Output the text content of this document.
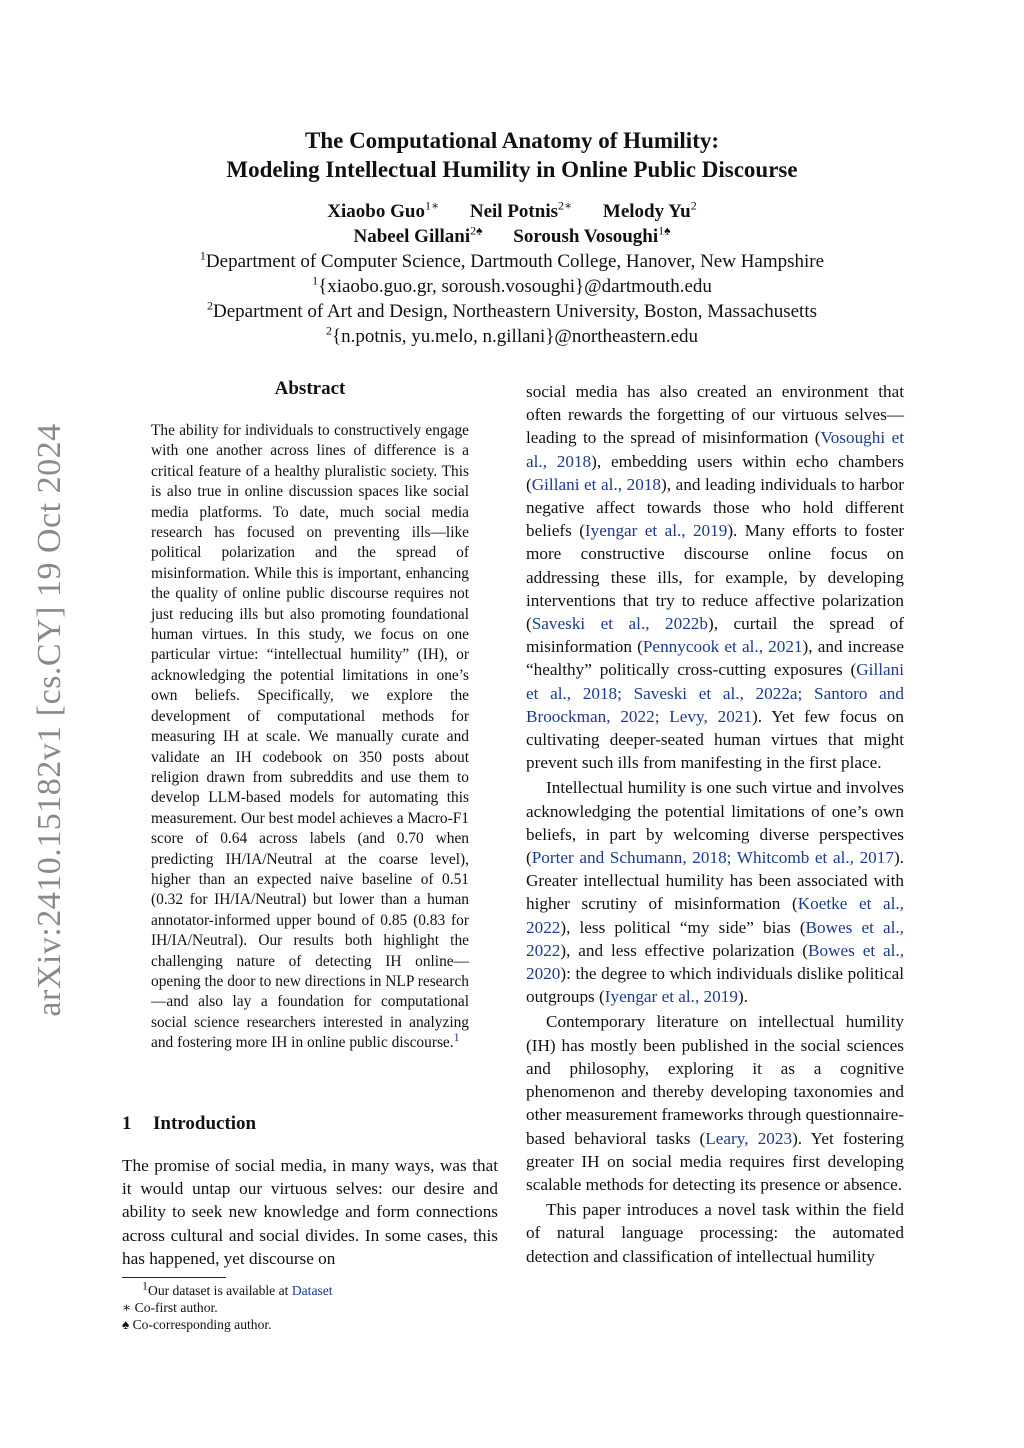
arXiv:2410.15182v1 [cs.CY] 19 Oct 2024
The Computational Anatomy of Humility:
Modeling Intellectual Humility in Online Public Discourse
Xiaobo Guo$^{1∗}$ Neil Potnis$^{2∗}$ Melody Yu$^2$
Nabeel Gillani$^{2♠}$ Soroush Vosoughi$^{1♠}$
$^1$Department of Computer Science, Dartmouth College, Hanover, New Hampshire
$^1${xiaobo.guo.gr, soroush.vosoughi}@dartmouth.edu
$^2$Department of Art and Design, Northeastern University, Boston, Massachusetts
$^2${n.potnis, yu.melo, n.gillani}@northeastern.edu
Abstract
The ability for individuals to constructively engage with one another across lines of difference is a critical feature of a healthy pluralistic society. This is also true in online discussion spaces like social media platforms. To date, much social media research has focused on preventing ills—like political polarization and the spread of misinformation. While this is important, enhancing the quality of online public discourse requires not just reducing ills but also promoting foundational human virtues. In this study, we focus on one particular virtue: “intellectual humility” (IH), or acknowledging the potential limitations in one’s own beliefs. Specifically, we explore the development of computational methods for measuring IH at scale. We manually curate and validate an IH codebook on 350 posts about religion drawn from subreddits and use them to develop LLM-based models for automating this measurement. Our best model achieves a Macro-F1 score of 0.64 across labels (and 0.70 when predicting IH/IA/Neutral at the coarse level), higher than an expected naive baseline of 0.51 (0.32 for IH/IA/Neutral) but lower than a human annotator-informed upper bound of 0.85 (0.83 for IH/IA/Neutral). Our results both highlight the challenging nature of detecting IH online—opening the door to new directions in NLP research—and also lay a foundation for computational social science researchers interested in analyzing and fostering more IH in online public discourse.$^1$
1 Introduction

The promise of social media, in many ways, was that it would untap our virtuous selves: our desire and ability to seek new knowledge and form connections across cultural and social divides. In some cases, this has happened, yet discourse on

$^1$Our dataset is available at Dataset
∗ Co-first author.
♠ Co-corresponding author.

social media has also created an environment that often rewards the forgetting of our virtuous selves—leading to the spread of misinformation (Vosoughi et al., 2018), embedding users within echo chambers (Gillani et al., 2018), and leading individuals to harbor negative affect towards those who hold different beliefs (Iyengar et al., 2019). Many efforts to foster more constructive discourse online focus on addressing these ills, for example, by developing interventions that try to reduce affective polarization (Saveski et al., 2022b), curtail the spread of misinformation (Pennycook et al., 2021), and increase “healthy” politically cross-cutting exposures (Gillani et al., 2018; Saveski et al., 2022a; Santoro and Broockman, 2022; Levy, 2021). Yet few focus on cultivating deeper-seated human virtues that might prevent such ills from manifesting in the first place.

Intellectual humility is one such virtue and involves acknowledging the potential limitations of one’s own beliefs, in part by welcoming diverse perspectives (Porter and Schumann, 2018; Whitcomb et al., 2017). Greater intellectual humility has been associated with higher scrutiny of misinformation (Koetke et al., 2022), less political “my side” bias (Bowes et al., 2022), and less effective polarization (Bowes et al., 2020): the degree to which individuals dislike political outgroups (Iyengar et al., 2019).

Contemporary literature on intellectual humility (IH) has mostly been published in the social sciences and philosophy, exploring it as a cognitive phenomenon and thereby developing taxonomies and other measurement frameworks through questionnaire-based behavioral tasks (Leary, 2023). Yet fostering greater IH on social media requires first developing scalable methods for detecting its presence or absence.

This paper introduces a novel task within the field of natural language processing: the automated detection and classification of intellectual humility
